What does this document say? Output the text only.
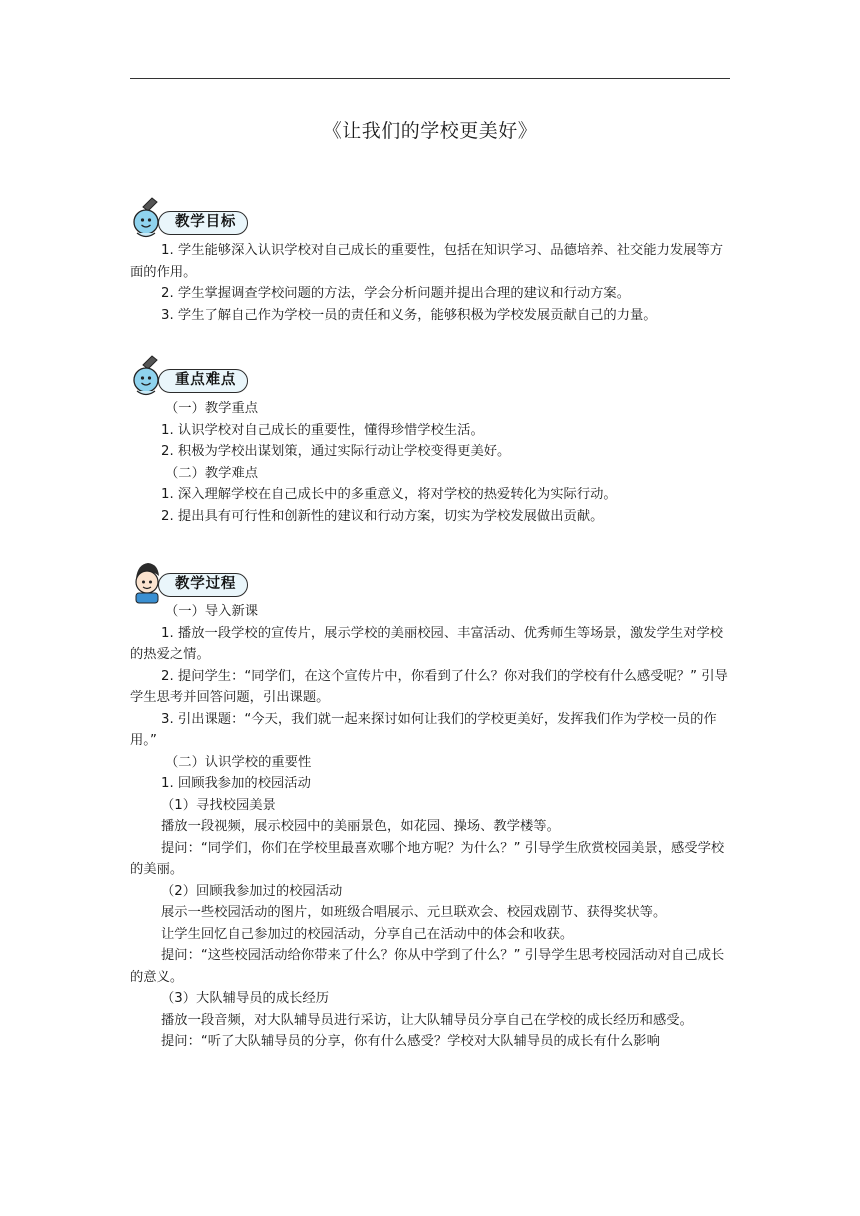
《让我们的学校更美好》
教学目标

1. 学生能够深入认识学校对自己成长的重要性，包括在知识学习、品德培养、社交能力发展等方面的作用。

2. 学生掌握调查学校问题的方法，学会分析问题并提出合理的建议和行动方案。

3. 学生了解自己作为学校一员的责任和义务，能够积极为学校发展贡献自己的力量。

重点难点

（一）教学重点

1. 认识学校对自己成长的重要性，懂得珍惜学校生活。

2. 积极为学校出谋划策，通过实际行动让学校变得更美好。

（二）教学难点

1. 深入理解学校在自己成长中的多重意义，将对学校的热爱转化为实际行动。

2. 提出具有可行性和创新性的建议和行动方案，切实为学校发展做出贡献。

教学过程

（一）导入新课

1. 播放一段学校的宣传片，展示学校的美丽校园、丰富活动、优秀师生等场景，激发学生对学校的热爱之情。

2. 提问学生：“同学们，在这个宣传片中，你看到了什么？你对我们的学校有什么感受呢？” 引导学生思考并回答问题，引出课题。

3. 引出课题：“今天，我们就一起来探讨如何让我们的学校更美好，发挥我们作为学校一员的作用。”

（二）认识学校的重要性

1. 回顾我参加的校园活动

（1）寻找校园美景

播放一段视频，展示校园中的美丽景色，如花园、操场、教学楼等。

提问：“同学们，你们在学校里最喜欢哪个地方呢？为什么？” 引导学生欣赏校园美景，感受学校的美丽。

（2）回顾我参加过的校园活动

展示一些校园活动的图片，如班级合唱展示、元旦联欢会、校园戏剧节、获得奖状等。

让学生回忆自己参加过的校园活动，分享自己在活动中的体会和收获。

提问：“这些校园活动给你带来了什么？你从中学到了什么？” 引导学生思考校园活动对自己成长的意义。

（3）大队辅导员的成长经历

播放一段音频，对大队辅导员进行采访，让大队辅导员分享自己在学校的成长经历和感受。

提问：“听了大队辅导员的分享，你有什么感受？学校对大队辅导员的成长有什么影响
